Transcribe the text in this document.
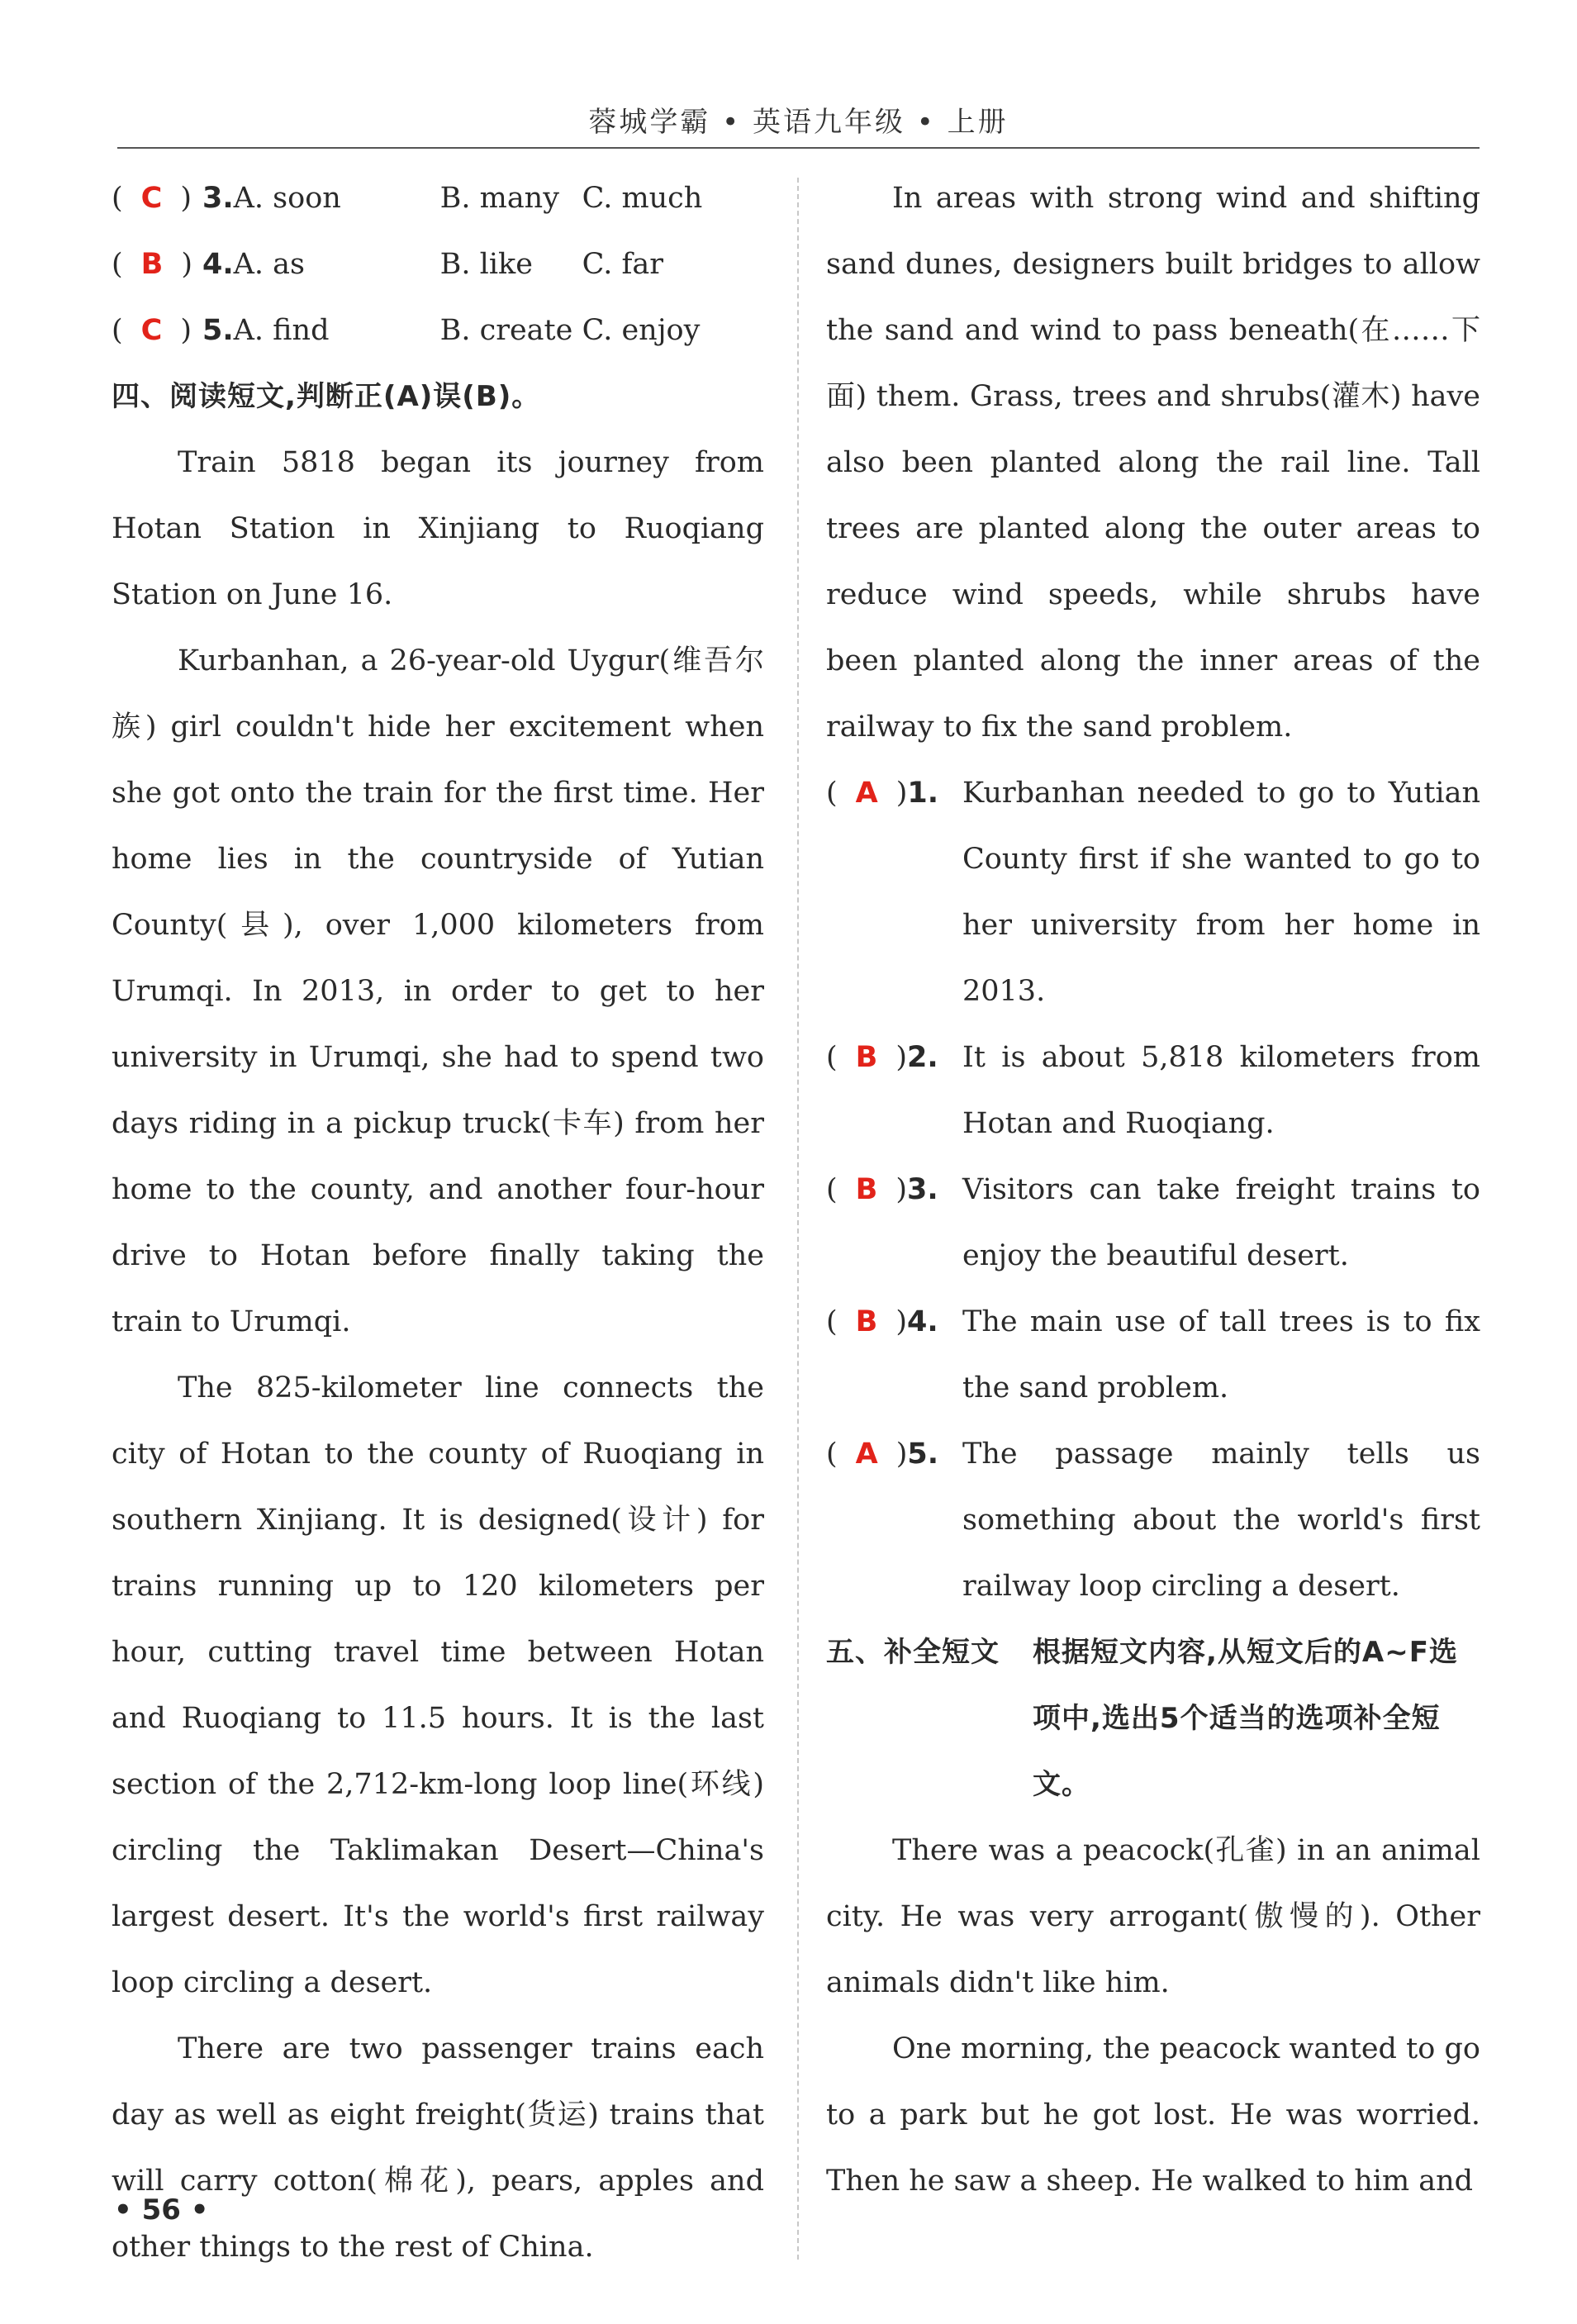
蓉城学霸 • 英语九年级 • 上册
( C ) 3. A. soon	B. many C. much
( B ) 4. A. as	B. like	C. far
( C ) 5. A. find	B. create C. enjoy
四、阅读短文,判断正(A)误(B)。

Train 5818 began its journey from Hotan Station in Xinjiang to Ruoqiang Station on June 16.

Kurbanhan, a 26-year-old Uygur(维吾尔族) girl couldn't hide her excitement when she got onto the train for the first time. Her home lies in the countryside of Yutian County(县), over 1,000 kilometers from Urumqi. In 2013, in order to get to her university in Urumqi, she had to spend two days riding in a pickup truck(卡车) from her home to the county, and another four-hour drive to Hotan before finally taking the train to Urumqi.

The 825-kilometer line connects the city of Hotan to the county of Ruoqiang in southern Xinjiang. It is designed(设计) for trains running up to 120 kilometers per hour, cutting travel time between Hotan and Ruoqiang to 11.5 hours. It is the last section of the 2,712-km-long loop line(环线) circling the Taklimakan Desert—China's largest desert. It's the world's first railway loop circling a desert.

There are two passenger trains each day as well as eight freight(货运) trains that will carry cotton(棉花), pears, apples and other things to the rest of China.

In areas with strong wind and shifting sand dunes, designers built bridges to allow the sand and wind to pass beneath(在……下面) them. Grass, trees and shrubs(灌木) have also been planted along the rail line. Tall trees are planted along the outer areas to reduce wind speeds, while shrubs have been planted along the inner areas of the railway to fix the sand problem.

( A )1. Kurbanhan needed to go to Yutian County first if she wanted to go to her university from her home in 2013.
( B )2. It is about 5,818 kilometers from Hotan and Ruoqiang.
( B )3. Visitors can take freight trains to enjoy the beautiful desert.
( B )4. The main use of tall trees is to fix the sand problem.
( A )5. The passage mainly tells us something about the world's first railway loop circling a desert.
五、补全短文	根据短文内容,从短文后的A~F选项中,选出5个适当的选项补全短文。

There was a peacock(孔雀) in an animal city. He was very arrogant(傲慢的). Other animals didn't like him.

One morning, the peacock wanted to go to a park but he got lost. He was worried. Then he saw a sheep. He walked to him and

• 56 •
